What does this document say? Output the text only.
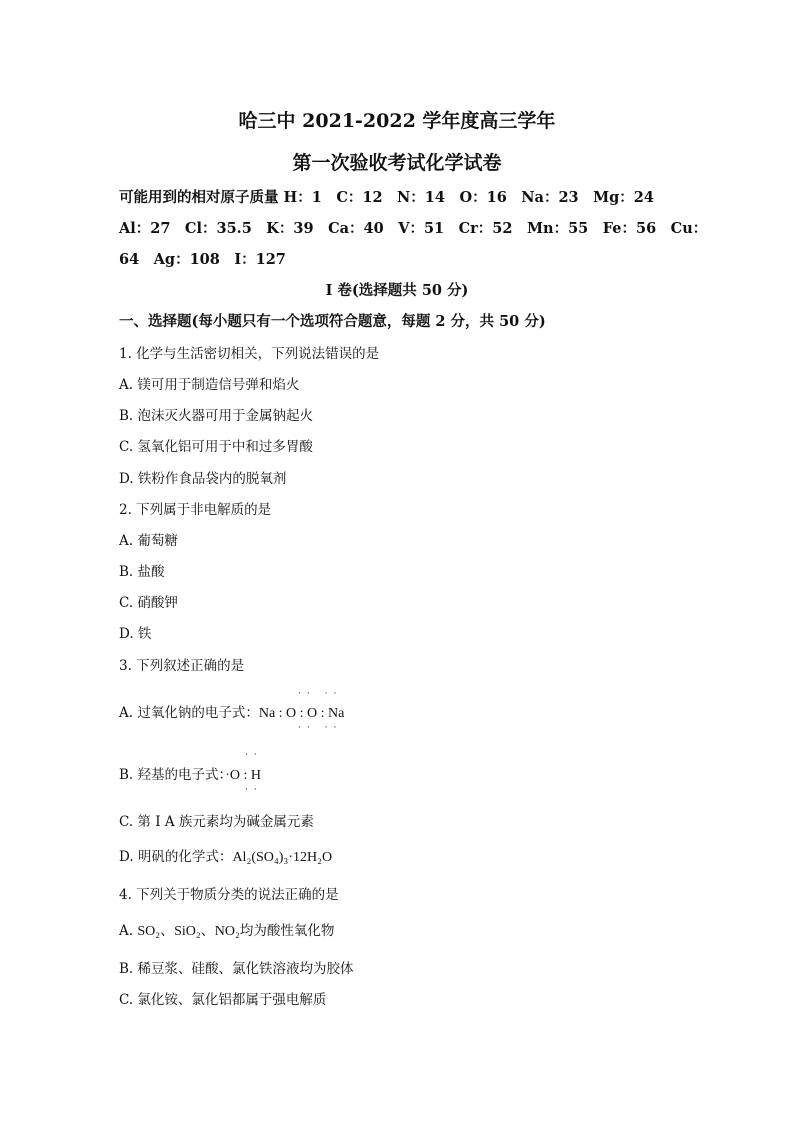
哈三中 2021-2022 学年度高三学年
第一次验收考试化学试卷
可能用到的相对原子质量 H：1　C：12　N：14　O：16　Na：23　Mg：24
Al：27　Cl：35.5　K：39　Ca：40　V：51　Cr：52　Mn：55　Fe：56　Cu：
64　Ag：108　I：127
I 卷(选择题共 50 分)
一、选择题(每小题只有一个选项符合题意，每题 2 分，共 50 分)
1. 化学与生活密切相关，下列说法错误的是
A. 镁可用于制造信号弹和焰火
B. 泡沫灭火器可用于金属钠起火
C. 氢氧化铝可用于中和过多胃酸
D. 铁粉作食品袋内的脱氧剂
2. 下列属于非电解质的是
A. 葡萄糖
B. 盐酸
C. 硝酸钾
D. 铁
3. 下列叙述正确的是
A. 过氧化钠的电子式：Na : O : O : Na
·· ··
·· ··
B. 羟基的电子式：·O : H
··
··
C. 第 I A 族元素均为碱金属元素
D. 明矾的化学式：Al₂(SO₄)₃·12H₂O
4. 下列关于物质分类的说法正确的是
A. SO₂、SiO₂、NO₂均为酸性氧化物
B. 稀豆浆、硅酸、氯化铁溶液均为胶体
C. 氯化铵、氯化铝都属于强电解质
